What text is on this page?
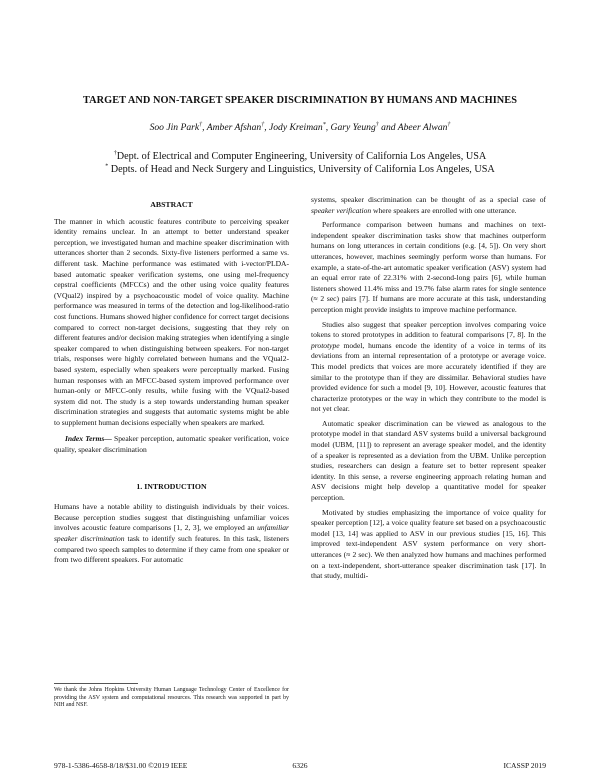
TARGET AND NON-TARGET SPEAKER DISCRIMINATION BY HUMANS AND MACHINES
Soo Jin Park†, Amber Afshan†, Jody Kreiman*, Gary Yeung† and Abeer Alwan†
†Dept. of Electrical and Computer Engineering, University of California Los Angeles, USA
* Depts. of Head and Neck Surgery and Linguistics, University of California Los Angeles, USA

ABSTRACT

The manner in which acoustic features contribute to perceiving speaker identity remains unclear. In an attempt to better understand speaker perception, we investigated human and machine speaker discrimination with utterances shorter than 2 seconds. Sixty-five listeners performed a same vs. different task. Machine performance was estimated with i-vector/PLDA-based automatic speaker verification systems, one using mel-frequency cepstral coefficients (MFCCs) and the other using voice quality features (VQual2) inspired by a psychoacoustic model of voice quality. Machine performance was measured in terms of the detection and log-likelihood-ratio cost functions. Humans showed higher confidence for correct target decisions compared to correct non-target decisions, suggesting that they rely on different features and/or decision making strategies when identifying a single speaker compared to when distinguishing between speakers. For non-target trials, responses were highly correlated between humans and the VQual2-based system, especially when speakers were perceptually marked. Fusing human responses with an MFCC-based system improved performance over human-only or MFCC-only results, while fusing with the VQual2-based system did not. The study is a step towards understanding human speaker discrimination strategies and suggests that automatic systems might be able to supplement human decisions especially when speakers are marked.

Index Terms— Speaker perception, automatic speaker verification, voice quality, speaker discrimination

1. INTRODUCTION

Humans have a notable ability to distinguish individuals by their voices. Because perception studies suggest that distinguishing unfamiliar voices involves acoustic feature comparisons [1, 2, 3], we employed an unfamiliar speaker discrimination task to identify such features. In this task, listeners compared two speech samples to determine if they came from one speaker or from two different speakers. For automatic

We thank the Johns Hopkins University Human Language Technology Center of Excellence for providing the ASV system and computational resources. This research was supported in part by NIH and NSF.

systems, speaker discrimination can be thought of as a special case of speaker verification where speakers are enrolled with one utterance.

Performance comparison between humans and machines on text-independent speaker discrimination tasks show that machines outperform humans on long utterances in certain conditions (e.g. [4, 5]). On very short utterances, however, machines seemingly perform worse than humans. For example, a state-of-the-art automatic speaker verification (ASV) system had an equal error rate of 22.31% with 2-second-long pairs [6], while human listeners showed 11.4% miss and 19.7% false alarm rates for single sentence (≈ 2 sec) pairs [7]. If humans are more accurate at this task, understanding perception might provide insights to improve machine performance.

Studies also suggest that speaker perception involves comparing voice tokens to stored prototypes in addition to featural comparisons [7, 8]. In the prototype model, humans encode the identity of a voice in terms of its deviations from an internal representation of a prototype or average voice. This model predicts that voices are more accurately identified if they are similar to the prototype than if they are dissimilar. Behavioral studies have provided evidence for such a model [9, 10]. However, acoustic features that characterize prototypes or the way in which they contribute to the model is not yet clear.

Automatic speaker discrimination can be viewed as analogous to the prototype model in that standard ASV systems build a universal background model (UBM, [11]) to represent an average speaker model, and the identity of a speaker is represented as a deviation from the UBM. Unlike perception studies, researchers can design a feature set to better represent speaker identity. In this sense, a reverse engineering approach relating human and ASV decisions might help develop a quantitative model for speaker perception.

Motivated by studies emphasizing the importance of voice quality for speaker perception [12], a voice quality feature set based on a psychoacoustic model [13, 14] was applied to ASV in our previous studies [15, 16]. This improved text-independent ASV system performance on very short-utterances (≈ 2 sec). We then analyzed how humans and machines performed on a text-independent, short-utterance speaker discrimination task [17]. In that study, multidi-

978-1-5386-4658-8/18/$31.00 ©2019 IEEE	6326	ICASSP 2019
